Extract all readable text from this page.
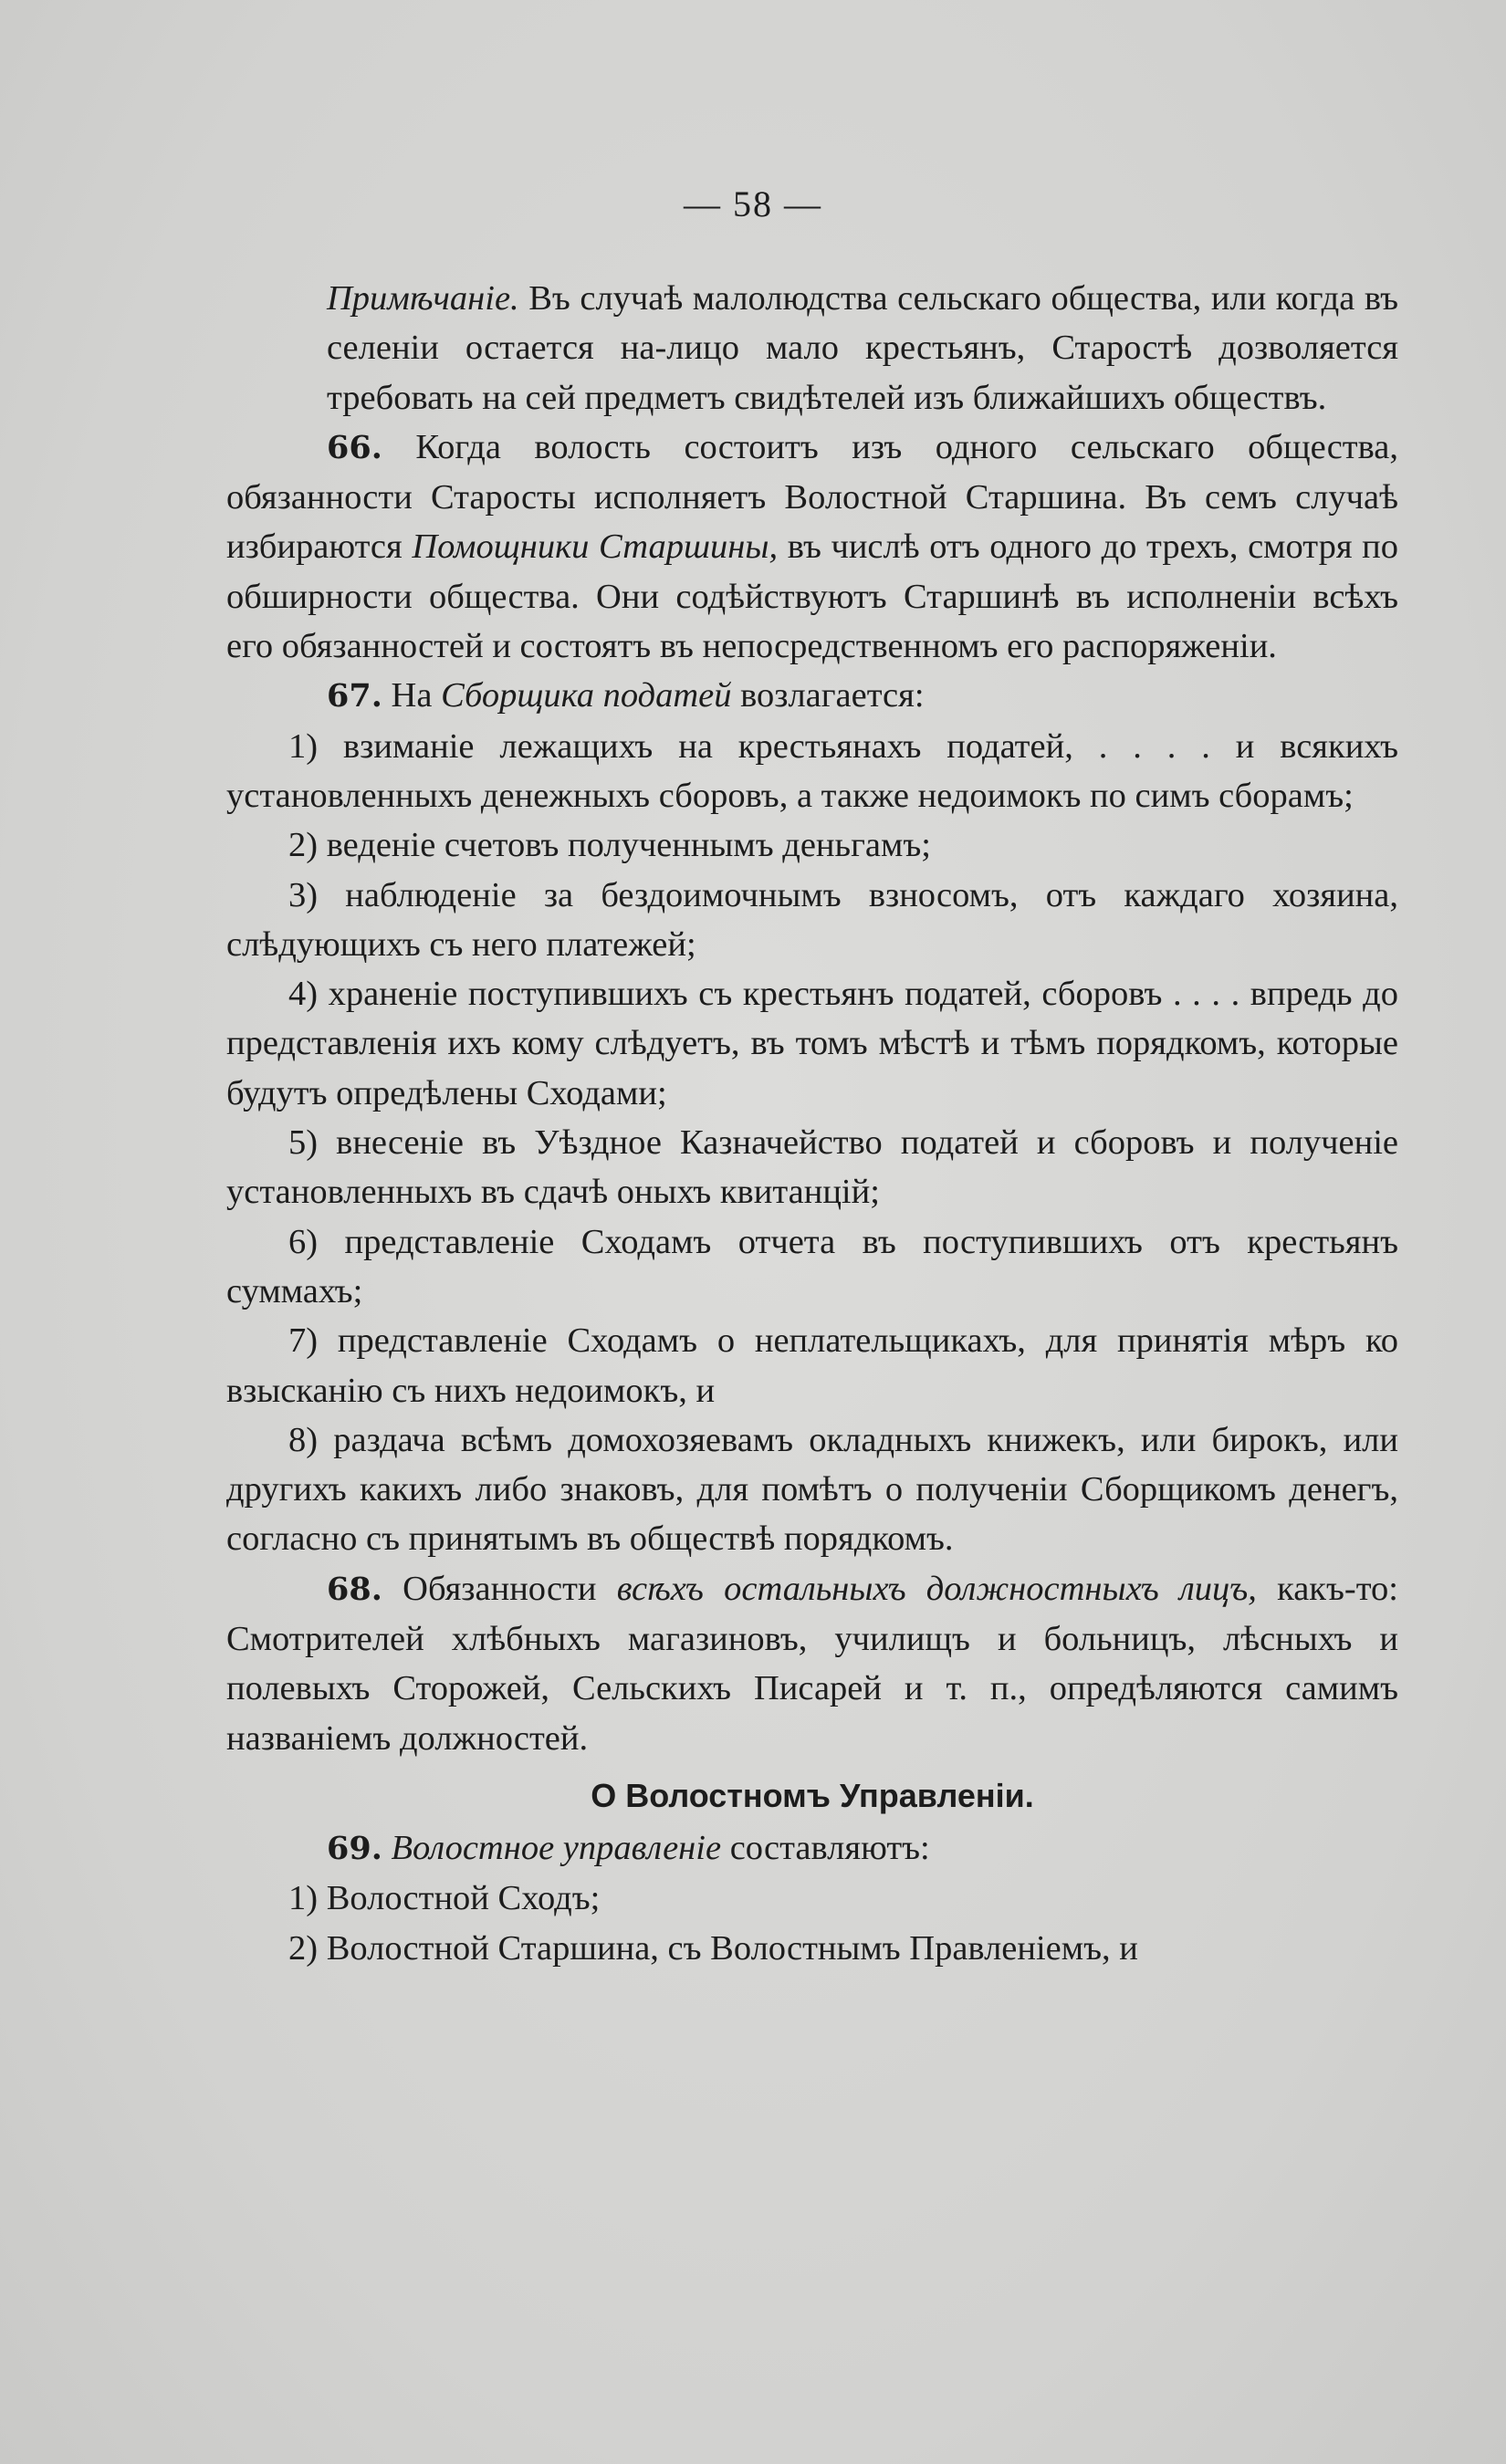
— 58 —

Примѣчаніе. Въ случаѣ малолюдства сельскаго общества, или когда въ селеніи остается на-лицо мало крестьянъ, Старостѣ дозволяется требовать на сей предметъ свидѣтелей изъ ближайшихъ обществъ.

66. Когда волость состоитъ изъ одного сельскаго общества, обязанности Старосты исполняетъ Волостной Старшина. Въ семъ случаѣ избираются Помощники Старшины, въ числѣ отъ одного до трехъ, смотря по обширности общества. Они содѣйствуютъ Старшинѣ въ исполненіи всѣхъ его обязанностей и состоятъ въ непосредственномъ его распоряженіи.

67. На Сборщика податей возлагается:

1) взиманіе лежащихъ на крестьянахъ податей, . . . . и всякихъ установленныхъ денежныхъ сборовъ, а также недоимокъ по симъ сборамъ;

2) веденіе счетовъ полученнымъ деньгамъ;

3) наблюденіе за бездоимочнымъ взносомъ, отъ каждаго хозяина, слѣдующихъ съ него платежей;

4) храненіе поступившихъ съ крестьянъ податей, сборовъ . . . . впредь до представленія ихъ кому слѣдуетъ, въ томъ мѣстѣ и тѣмъ порядкомъ, которые будутъ опредѣлены Сходами;

5) внесеніе въ Уѣздное Казначейство податей и сборовъ и полученіе установленныхъ въ сдачѣ оныхъ квитанцій;

6) представленіе Сходамъ отчета въ поступившихъ отъ крестьянъ суммахъ;

7) представленіе Сходамъ о неплательщикахъ, для принятія мѣръ ко взысканію съ нихъ недоимокъ, и

8) раздача всѣмъ домохозяевамъ окладныхъ книжекъ, или бирокъ, или другихъ какихъ либо знаковъ, для помѣтъ о полученіи Сборщикомъ денегъ, согласно съ принятымъ въ обществѣ порядкомъ.

68. Обязанности всѣхъ остальныхъ должностныхъ лицъ, какъ-то: Смотрителей хлѣбныхъ магазиновъ, училищъ и больницъ, лѣсныхъ и полевыхъ Сторожей, Сельскихъ Писарей и т. п., опредѣляются самимъ названіемъ должностей.

О Волостномъ Управленіи.

69. Волостное управленіе составляютъ:

1) Волостной Сходъ;

2) Волостной Старшина, съ Волостнымъ Правленіемъ, и
